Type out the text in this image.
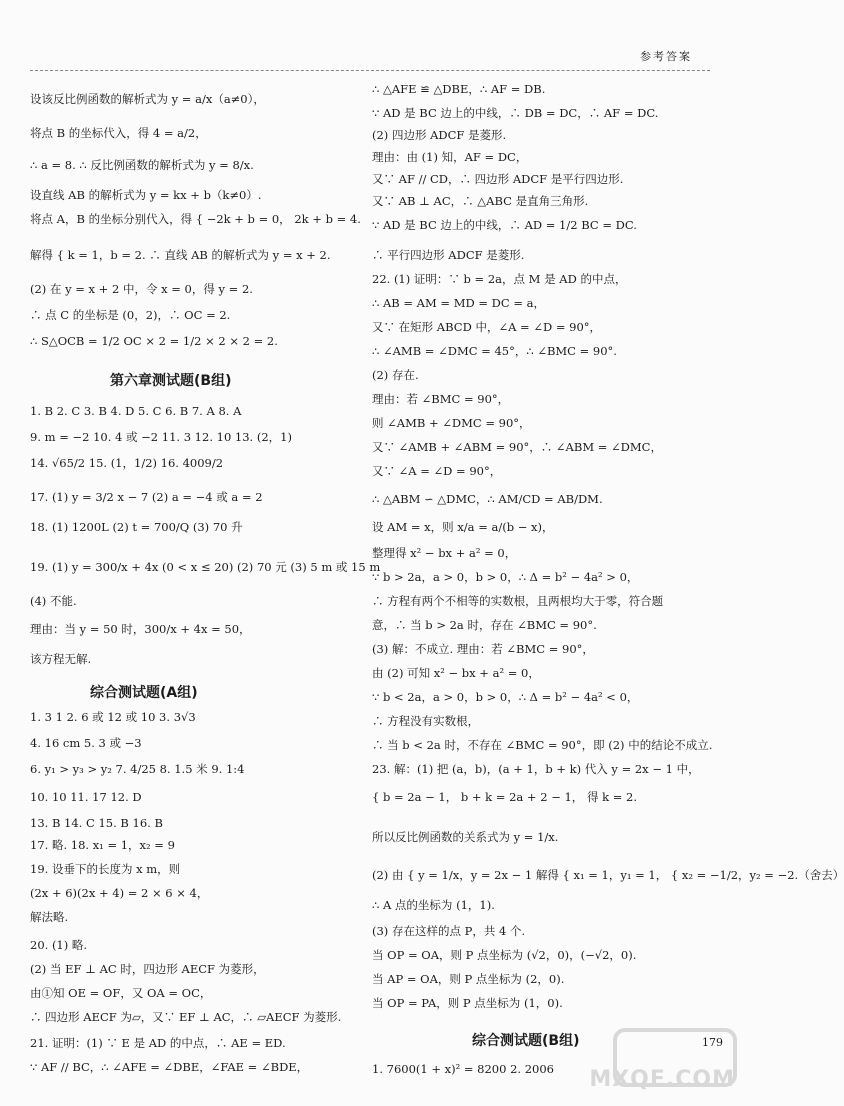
参考答案
设该反比例函数的解析式为 y = a/x（a≠0），
将点 B 的坐标代入，得 4 = a/2，
∴ a = 8. ∴ 反比例函数的解析式为 y = 8/x.
设直线 AB 的解析式为 y = kx + b（k≠0）.
将点 A，B 的坐标分别代入，得 { −2k + b = 0， 2k + b = 4.
解得 { k = 1，b = 2. ∴ 直线 AB 的解析式为 y = x + 2.
(2) 在 y = x + 2 中，令 x = 0，得 y = 2.
∴ 点 C 的坐标是 (0，2)，∴ OC = 2.
∴ S△OCB = 1/2 OC × 2 = 1/2 × 2 × 2 = 2.
第六章测试题(B组)
1. B 2. C 3. B 4. D 5. C 6. B 7. A 8. A
9. m = −2 10. 4 或 −2 11. 3 12. 10 13. (2，1)
14. √65/2 15. (1，1/2) 16. 4009/2
17. (1) y = 3/2 x − 7 (2) a = −4 或 a = 2
18. (1) 1200L (2) t = 700/Q (3) 70 升
19. (1) y = 300/x + 4x (0 < x ≤ 20) (2) 70 元 (3) 5 m 或 15 m
(4) 不能.
理由：当 y = 50 时，300/x + 4x = 50，
该方程无解.
综合测试题(A组)
1. 3 1 2. 6 或 12 或 10 3. 3√3
4. 16 cm 5. 3 或 −3
6. y₁ > y₃ > y₂ 7. 4/25 8. 1.5 米 9. 1:4
10. 10 11. 17 12. D
13. B 14. C 15. B 16. B
17. 略. 18. x₁ = 1，x₂ = 9
19. 设垂下的长度为 x m，则
(2x + 6)(2x + 4) = 2 × 6 × 4，
解法略.
20. (1) 略.
(2) 当 EF ⊥ AC 时，四边形 AECF 为菱形，
由①知 OE = OF，又 OA = OC，
∴ 四边形 AECF 为▱，又∵ EF ⊥ AC，∴ ▱AECF 为菱形.
21. 证明：(1) ∵ E 是 AD 的中点，∴ AE = ED.
∵ AF // BC，∴ ∠AFE = ∠DBE，∠FAE = ∠BDE，
∴ △AFE ≌ △DBE，∴ AF = DB.
∵ AD 是 BC 边上的中线，∴ DB = DC，∴ AF = DC.
(2) 四边形 ADCF 是菱形.
理由：由 (1) 知，AF = DC，
又∵ AF // CD，∴ 四边形 ADCF 是平行四边形.
又∵ AB ⊥ AC，∴ △ABC 是直角三角形.
∵ AD 是 BC 边上的中线，∴ AD = 1/2 BC = DC.
∴ 平行四边形 ADCF 是菱形.
22. (1) 证明：∵ b = 2a，点 M 是 AD 的中点，
∴ AB = AM = MD = DC = a，
又∵ 在矩形 ABCD 中，∠A = ∠D = 90°，
∴ ∠AMB = ∠DMC = 45°，∴ ∠BMC = 90°.
(2) 存在.
理由：若 ∠BMC = 90°，
则 ∠AMB + ∠DMC = 90°，
又∵ ∠AMB + ∠ABM = 90°，∴ ∠ABM = ∠DMC，
又∵ ∠A = ∠D = 90°，
∴ △ABM ∽ △DMC，∴ AM/CD = AB/DM.
设 AM = x，则 x/a = a/(b − x)，
整理得 x² − bx + a² = 0，
∵ b > 2a，a > 0，b > 0，∴ Δ = b² − 4a² > 0，
∴ 方程有两个不相等的实数根，且两根均大于零，符合题
意，∴ 当 b > 2a 时，存在 ∠BMC = 90°.
(3) 解：不成立. 理由：若 ∠BMC = 90°，
由 (2) 可知 x² − bx + a² = 0，
∵ b < 2a，a > 0，b > 0，∴ Δ = b² − 4a² < 0，
∴ 方程没有实数根，
∴ 当 b < 2a 时，不存在 ∠BMC = 90°，即 (2) 中的结论不成立.
23. 解：(1) 把 (a，b)，(a + 1，b + k) 代入 y = 2x − 1 中，
{ b = 2a − 1， b + k = 2a + 2 − 1， 得 k = 2.
所以反比例函数的关系式为 y = 1/x.
(2) 由 { y = 1/x，y = 2x − 1 解得 { x₁ = 1，y₁ = 1， { x₂ = −1/2，y₂ = −2.（舍去）
∴ A 点的坐标为 (1，1).
(3) 存在这样的点 P，共 4 个.
当 OP = OA，则 P 点坐标为 (√2，0)，(−√2，0).
当 AP = OA，则 P 点坐标为 (2，0).
当 OP = PA，则 P 点坐标为 (1，0).
综合测试题(B组)
1. 7600(1 + x)² = 8200 2. 2006 MXQE.COM
179
